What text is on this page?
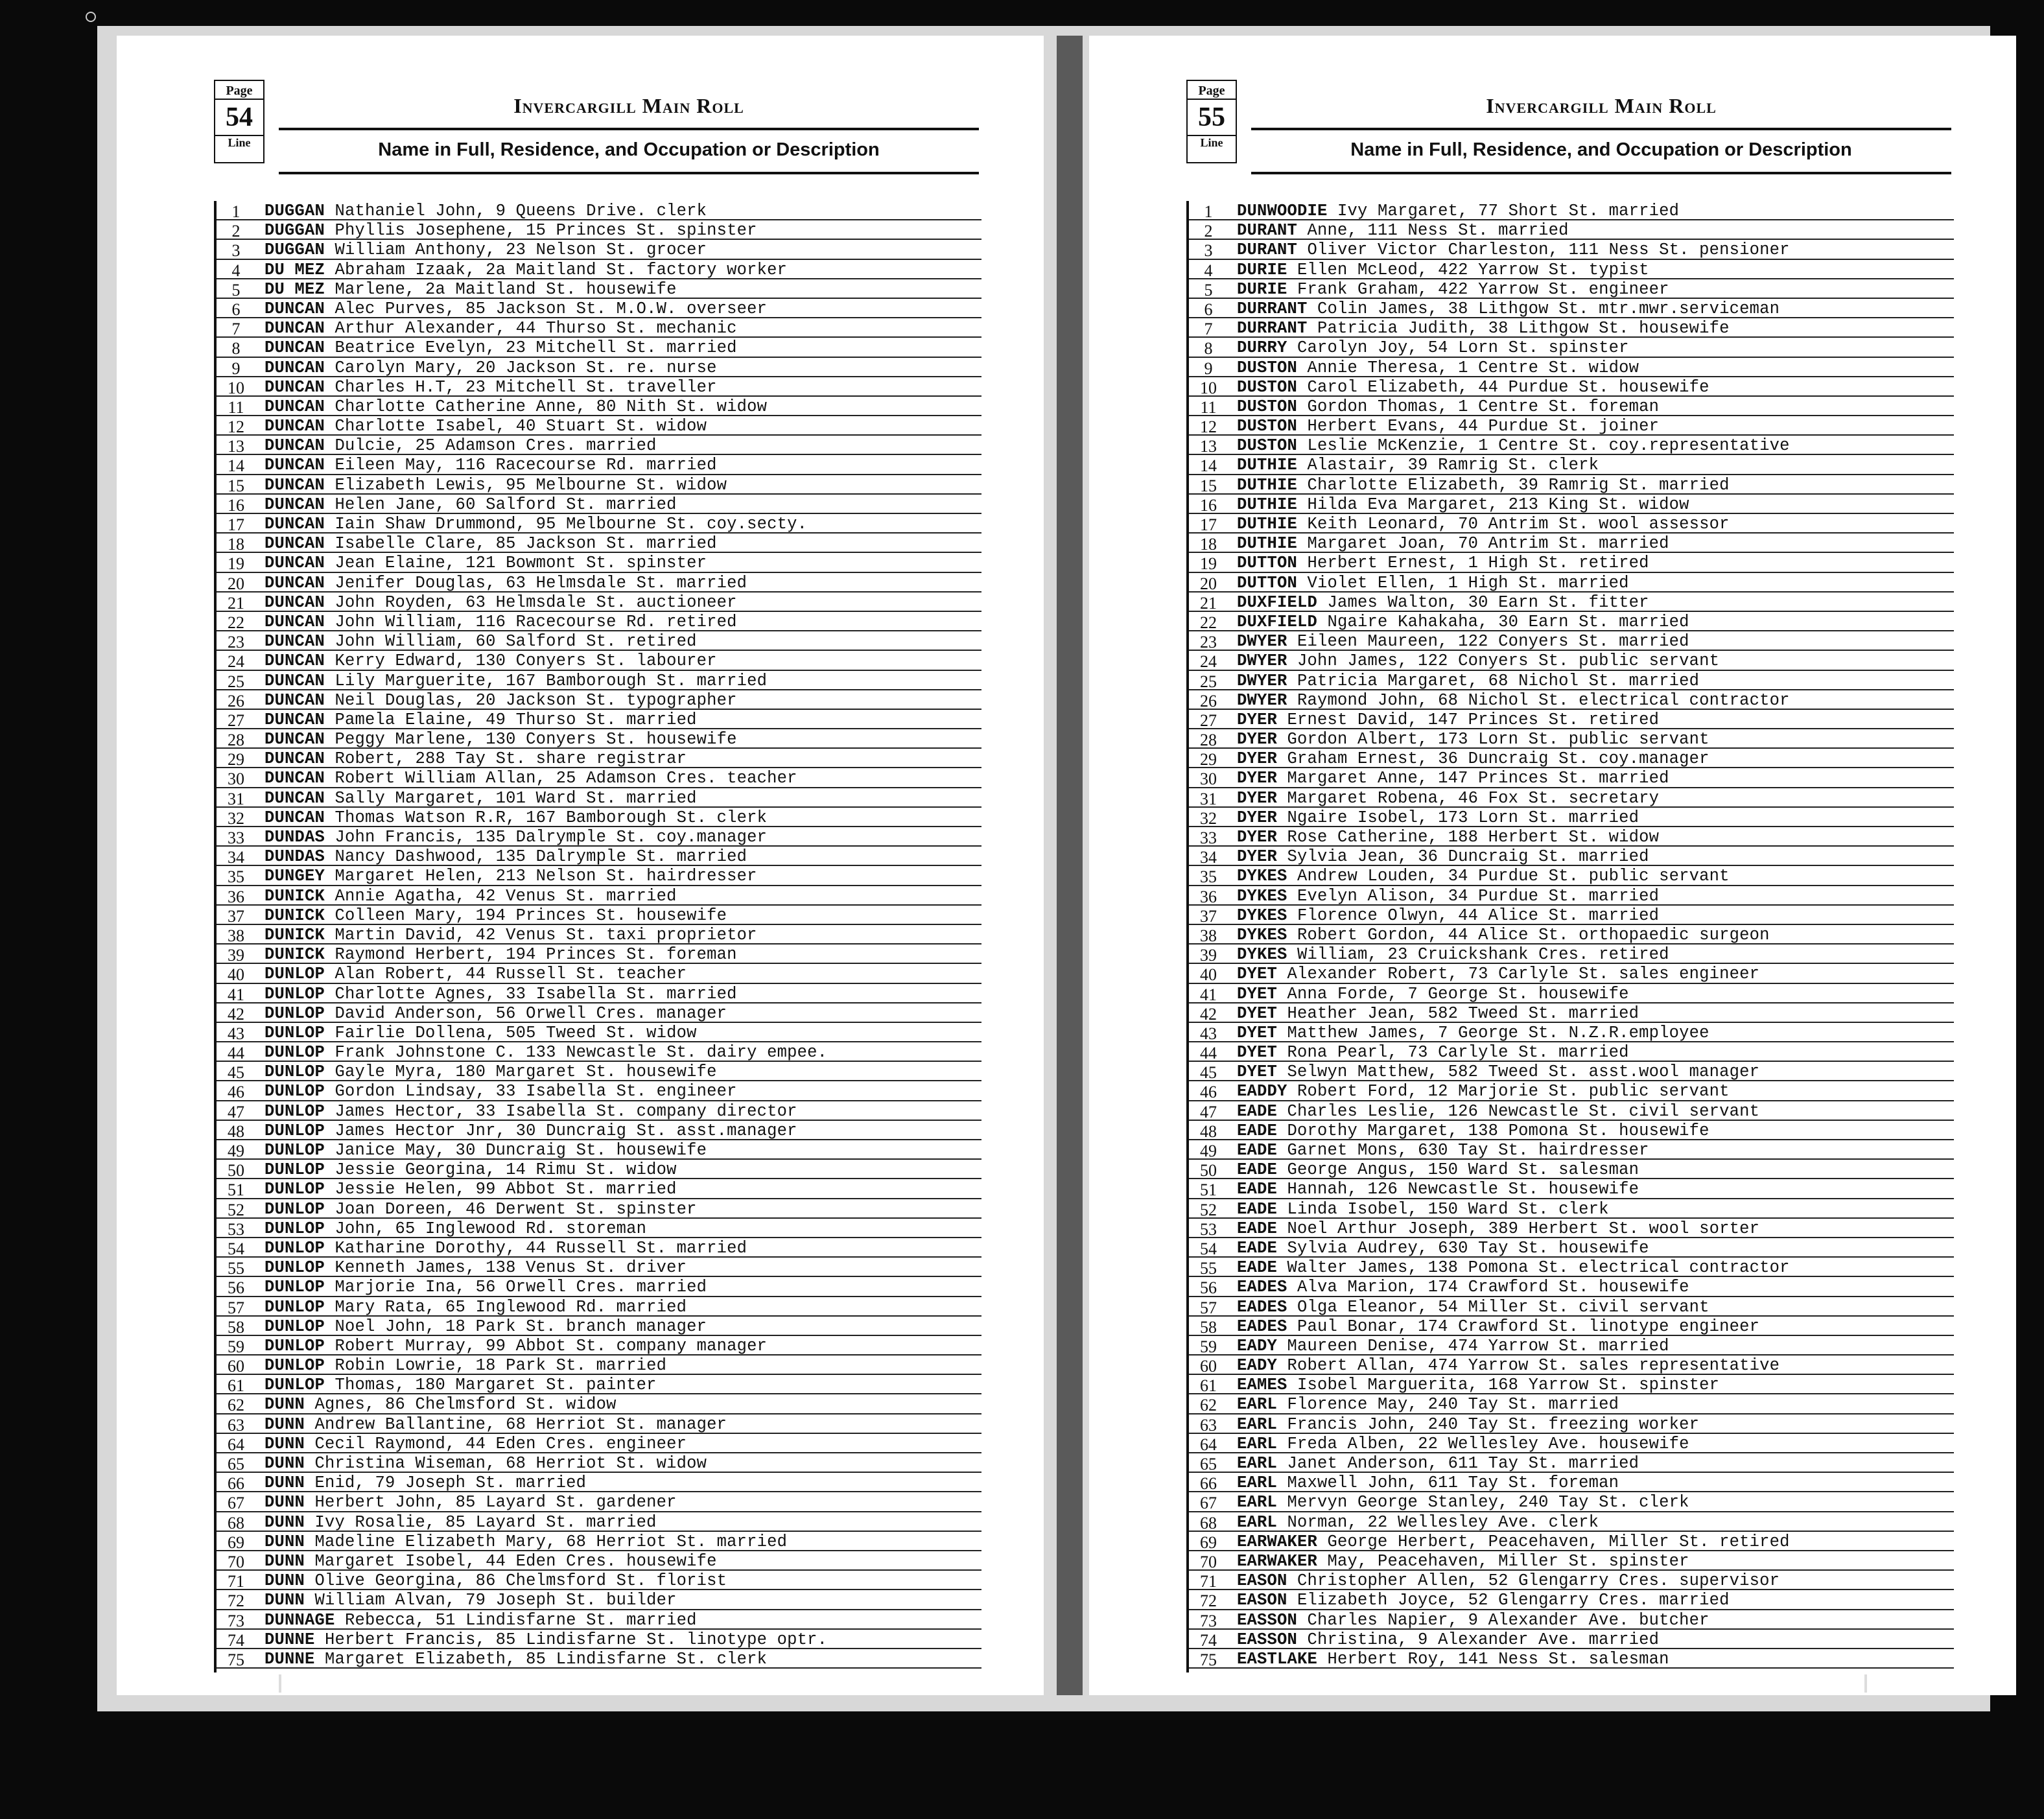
Page
54
Line
Invercargill Main Roll
Name in Full, Residence, and Occupation or Description
1	DUGGAN Nathaniel John, 9 Queens Drive. clerk
2	DUGGAN Phyllis Josephene, 15 Princes St. spinster
3	DUGGAN William Anthony, 23 Nelson St. grocer
4	DU MEZ Abraham Izaak, 2a Maitland St. factory worker
5	DU MEZ Marlene, 2a Maitland St. housewife
6	DUNCAN Alec Purves, 85 Jackson St. M.O.W. overseer
7	DUNCAN Arthur Alexander, 44 Thurso St. mechanic
8	DUNCAN Beatrice Evelyn, 23 Mitchell St. married
9	DUNCAN Carolyn Mary, 20 Jackson St. re. nurse
10	DUNCAN Charles H.T, 23 Mitchell St. traveller
11	DUNCAN Charlotte Catherine Anne, 80 Nith St. widow
12	DUNCAN Charlotte Isabel, 40 Stuart St. widow
13	DUNCAN Dulcie, 25 Adamson Cres. married
14	DUNCAN Eileen May, 116 Racecourse Rd. married
15	DUNCAN Elizabeth Lewis, 95 Melbourne St. widow
16	DUNCAN Helen Jane, 60 Salford St. married
17	DUNCAN Iain Shaw Drummond, 95 Melbourne St. coy.secty.
18	DUNCAN Isabelle Clare, 85 Jackson St. married
19	DUNCAN Jean Elaine, 121 Bowmont St. spinster
20	DUNCAN Jenifer Douglas, 63 Helmsdale St. married
21	DUNCAN John Royden, 63 Helmsdale St. auctioneer
22	DUNCAN John William, 116 Racecourse Rd. retired
23	DUNCAN John William, 60 Salford St. retired
24	DUNCAN Kerry Edward, 130 Conyers St. labourer
25	DUNCAN Lily Marguerite, 167 Bamborough St. married
26	DUNCAN Neil Douglas, 20 Jackson St. typographer
27	DUNCAN Pamela Elaine, 49 Thurso St. married
28	DUNCAN Peggy Marlene, 130 Conyers St. housewife
29	DUNCAN Robert, 288 Tay St. share registrar
30	DUNCAN Robert William Allan, 25 Adamson Cres. teacher
31	DUNCAN Sally Margaret, 101 Ward St. married
32	DUNCAN Thomas Watson R.R, 167 Bamborough St. clerk
33	DUNDAS John Francis, 135 Dalrymple St. coy.manager
34	DUNDAS Nancy Dashwood, 135 Dalrymple St. married
35	DUNGEY Margaret Helen, 213 Nelson St. hairdresser
36	DUNICK Annie Agatha, 42 Venus St. married
37	DUNICK Colleen Mary, 194 Princes St. housewife
38	DUNICK Martin David, 42 Venus St. taxi proprietor
39	DUNICK Raymond Herbert, 194 Princes St. foreman
40	DUNLOP Alan Robert, 44 Russell St. teacher
41	DUNLOP Charlotte Agnes, 33 Isabella St. married
42	DUNLOP David Anderson, 56 Orwell Cres. manager
43	DUNLOP Fairlie Dollena, 505 Tweed St. widow
44	DUNLOP Frank Johnstone C. 133 Newcastle St. dairy empee.
45	DUNLOP Gayle Myra, 180 Margaret St. housewife
46	DUNLOP Gordon Lindsay, 33 Isabella St. engineer
47	DUNLOP James Hector, 33 Isabella St. company director
48	DUNLOP James Hector Jnr, 30 Duncraig St. asst.manager
49	DUNLOP Janice May, 30 Duncraig St. housewife
50	DUNLOP Jessie Georgina, 14 Rimu St. widow
51	DUNLOP Jessie Helen, 99 Abbot St. married
52	DUNLOP Joan Doreen, 46 Derwent St. spinster
53	DUNLOP John, 65 Inglewood Rd. storeman
54	DUNLOP Katharine Dorothy, 44 Russell St. married
55	DUNLOP Kenneth James, 138 Venus St. driver
56	DUNLOP Marjorie Ina, 56 Orwell Cres. married
57	DUNLOP Mary Rata, 65 Inglewood Rd. married
58	DUNLOP Noel John, 18 Park St. branch manager
59	DUNLOP Robert Murray, 99 Abbot St. company manager
60	DUNLOP Robin Lowrie, 18 Park St. married
61	DUNLOP Thomas, 180 Margaret St. painter
62	DUNN Agnes, 86 Chelmsford St. widow
63	DUNN Andrew Ballantine, 68 Herriot St. manager
64	DUNN Cecil Raymond, 44 Eden Cres. engineer
65	DUNN Christina Wiseman, 68 Herriot St. widow
66	DUNN Enid, 79 Joseph St. married
67	DUNN Herbert John, 85 Layard St. gardener
68	DUNN Ivy Rosalie, 85 Layard St. married
69	DUNN Madeline Elizabeth Mary, 68 Herriot St. married
70	DUNN Margaret Isobel, 44 Eden Cres. housewife
71	DUNN Olive Georgina, 86 Chelmsford St. florist
72	DUNN William Alvan, 79 Joseph St. builder
73	DUNNAGE Rebecca, 51 Lindisfarne St. married
74	DUNNE Herbert Francis, 85 Lindisfarne St. linotype optr.
75	DUNNE Margaret Elizabeth, 85 Lindisfarne St. clerk
Page
55
Line
Invercargill Main Roll
Name in Full, Residence, and Occupation or Description
1	DUNWOODIE Ivy Margaret, 77 Short St. married
2	DURANT Anne, 111 Ness St. married
3	DURANT Oliver Victor Charleston, 111 Ness St. pensioner
4	DURIE Ellen McLeod, 422 Yarrow St. typist
5	DURIE Frank Graham, 422 Yarrow St. engineer
6	DURRANT Colin James, 38 Lithgow St. mtr.mwr.serviceman
7	DURRANT Patricia Judith, 38 Lithgow St. housewife
8	DURRY Carolyn Joy, 54 Lorn St. spinster
9	DUSTON Annie Theresa, 1 Centre St. widow
10	DUSTON Carol Elizabeth, 44 Purdue St. housewife
11	DUSTON Gordon Thomas, 1 Centre St. foreman
12	DUSTON Herbert Evans, 44 Purdue St. joiner
13	DUSTON Leslie McKenzie, 1 Centre St. coy.representative
14	DUTHIE Alastair, 39 Ramrig St. clerk
15	DUTHIE Charlotte Elizabeth, 39 Ramrig St. married
16	DUTHIE Hilda Eva Margaret, 213 King St. widow
17	DUTHIE Keith Leonard, 70 Antrim St. wool assessor
18	DUTHIE Margaret Joan, 70 Antrim St. married
19	DUTTON Herbert Ernest, 1 High St. retired
20	DUTTON Violet Ellen, 1 High St. married
21	DUXFIELD James Walton, 30 Earn St. fitter
22	DUXFIELD Ngaire Kahakaha, 30 Earn St. married
23	DWYER Eileen Maureen, 122 Conyers St. married
24	DWYER John James, 122 Conyers St. public servant
25	DWYER Patricia Margaret, 68 Nichol St. married
26	DWYER Raymond John, 68 Nichol St. electrical contractor
27	DYER Ernest David, 147 Princes St. retired
28	DYER Gordon Albert, 173 Lorn St. public servant
29	DYER Graham Ernest, 36 Duncraig St. coy.manager
30	DYER Margaret Anne, 147 Princes St. married
31	DYER Margaret Robena, 46 Fox St. secretary
32	DYER Ngaire Isobel, 173 Lorn St. married
33	DYER Rose Catherine, 188 Herbert St. widow
34	DYER Sylvia Jean, 36 Duncraig St. married
35	DYKES Andrew Louden, 34 Purdue St. public servant
36	DYKES Evelyn Alison, 34 Purdue St. married
37	DYKES Florence Olwyn, 44 Alice St. married
38	DYKES Robert Gordon, 44 Alice St. orthopaedic surgeon
39	DYKES William, 23 Cruickshank Cres. retired
40	DYET Alexander Robert, 73 Carlyle St. sales engineer
41	DYET Anna Forde, 7 George St. housewife
42	DYET Heather Jean, 582 Tweed St. married
43	DYET Matthew James, 7 George St. N.Z.R.employee
44	DYET Rona Pearl, 73 Carlyle St. married
45	DYET Selwyn Matthew, 582 Tweed St. asst.wool manager
46	EADDY Robert Ford, 12 Marjorie St. public servant
47	EADE Charles Leslie, 126 Newcastle St. civil servant
48	EADE Dorothy Margaret, 138 Pomona St. housewife
49	EADE Garnet Mons, 630 Tay St. hairdresser
50	EADE George Angus, 150 Ward St. salesman
51	EADE Hannah, 126 Newcastle St. housewife
52	EADE Linda Isobel, 150 Ward St. clerk
53	EADE Noel Arthur Joseph, 389 Herbert St. wool sorter
54	EADE Sylvia Audrey, 630 Tay St. housewife
55	EADE Walter James, 138 Pomona St. electrical contractor
56	EADES Alva Marion, 174 Crawford St. housewife
57	EADES Olga Eleanor, 54 Miller St. civil servant
58	EADES Paul Bonar, 174 Crawford St. linotype engineer
59	EADY Maureen Denise, 474 Yarrow St. married
60	EADY Robert Allan, 474 Yarrow St. sales representative
61	EAMES Isobel Marguerita, 168 Yarrow St. spinster
62	EARL Florence May, 240 Tay St. married
63	EARL Francis John, 240 Tay St. freezing worker
64	EARL Freda Alben, 22 Wellesley Ave. housewife
65	EARL Janet Anderson, 611 Tay St. married
66	EARL Maxwell John, 611 Tay St. foreman
67	EARL Mervyn George Stanley, 240 Tay St. clerk
68	EARL Norman, 22 Wellesley Ave. clerk
69	EARWAKER George Herbert, Peacehaven, Miller St. retired
70	EARWAKER May, Peacehaven, Miller St. spinster
71	EASON Christopher Allen, 52 Glengarry Cres. supervisor
72	EASON Elizabeth Joyce, 52 Glengarry Cres. married
73	EASSON Charles Napier, 9 Alexander Ave. butcher
74	EASSON Christina, 9 Alexander Ave. married
75	EASTLAKE Herbert Roy, 141 Ness St. salesman
